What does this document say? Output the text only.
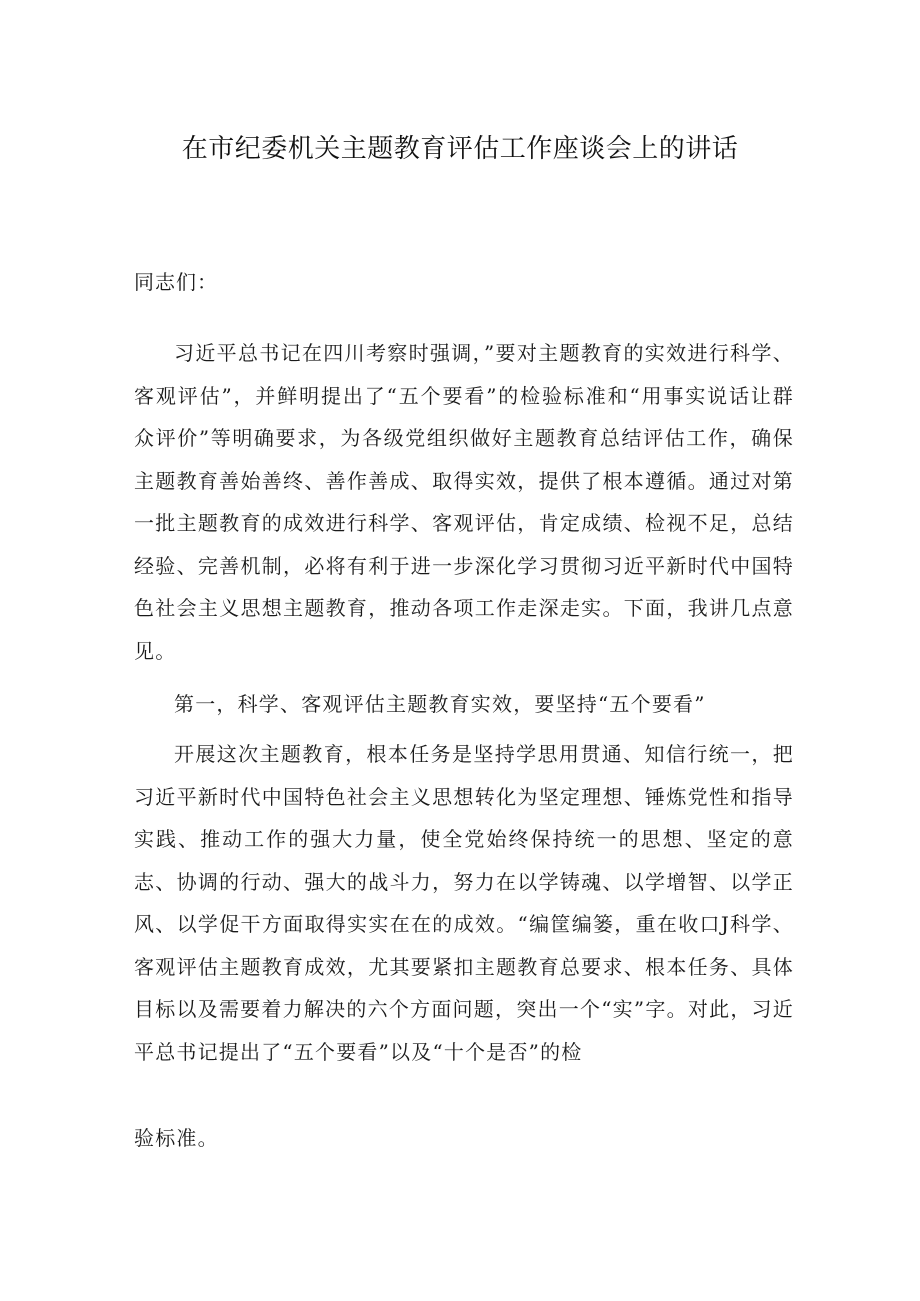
在市纪委机关主题教育评估工作座谈会上的讲话
同志们：

习近平总书记在四川考察时强调，”要对主题教育的实效进行科学、客观评估”，并鲜明提出了“五个要看”的检验标准和“用事实说话让群众评价”等明确要求，为各级党组织做好主题教育总结评估工作，确保主题教育善始善终、善作善成、取得实效，提供了根本遵循。通过对第一批主题教育的成效进行科学、客观评估，肯定成绩、检视不足，总结经验、完善机制，必将有利于进一步深化学习贯彻习近平新时代中国特色社会主义思想主题教育，推动各项工作走深走实。下面，我讲几点意见。

第一，科学、客观评估主题教育实效，要坚持“五个要看”

开展这次主题教育，根本任务是坚持学思用贯通、知信行统一，把习近平新时代中国特色社会主义思想转化为坚定理想、锤炼党性和指导实践、推动工作的强大力量，使全党始终保持统一的思想、坚定的意志、协调的行动、强大的战斗力，努力在以学铸魂、以学增智、以学正风、以学促干方面取得实实在在的成效。“编筐编篓，重在收口J科学、客观评估主题教育成效，尤其要紧扣主题教育总要求、根本任务、具体目标以及需要着力解决的六个方面问题，突出一个“实”字。对此，习近平总书记提出了“五个要看”以及“十个是否”的检

验标准。
